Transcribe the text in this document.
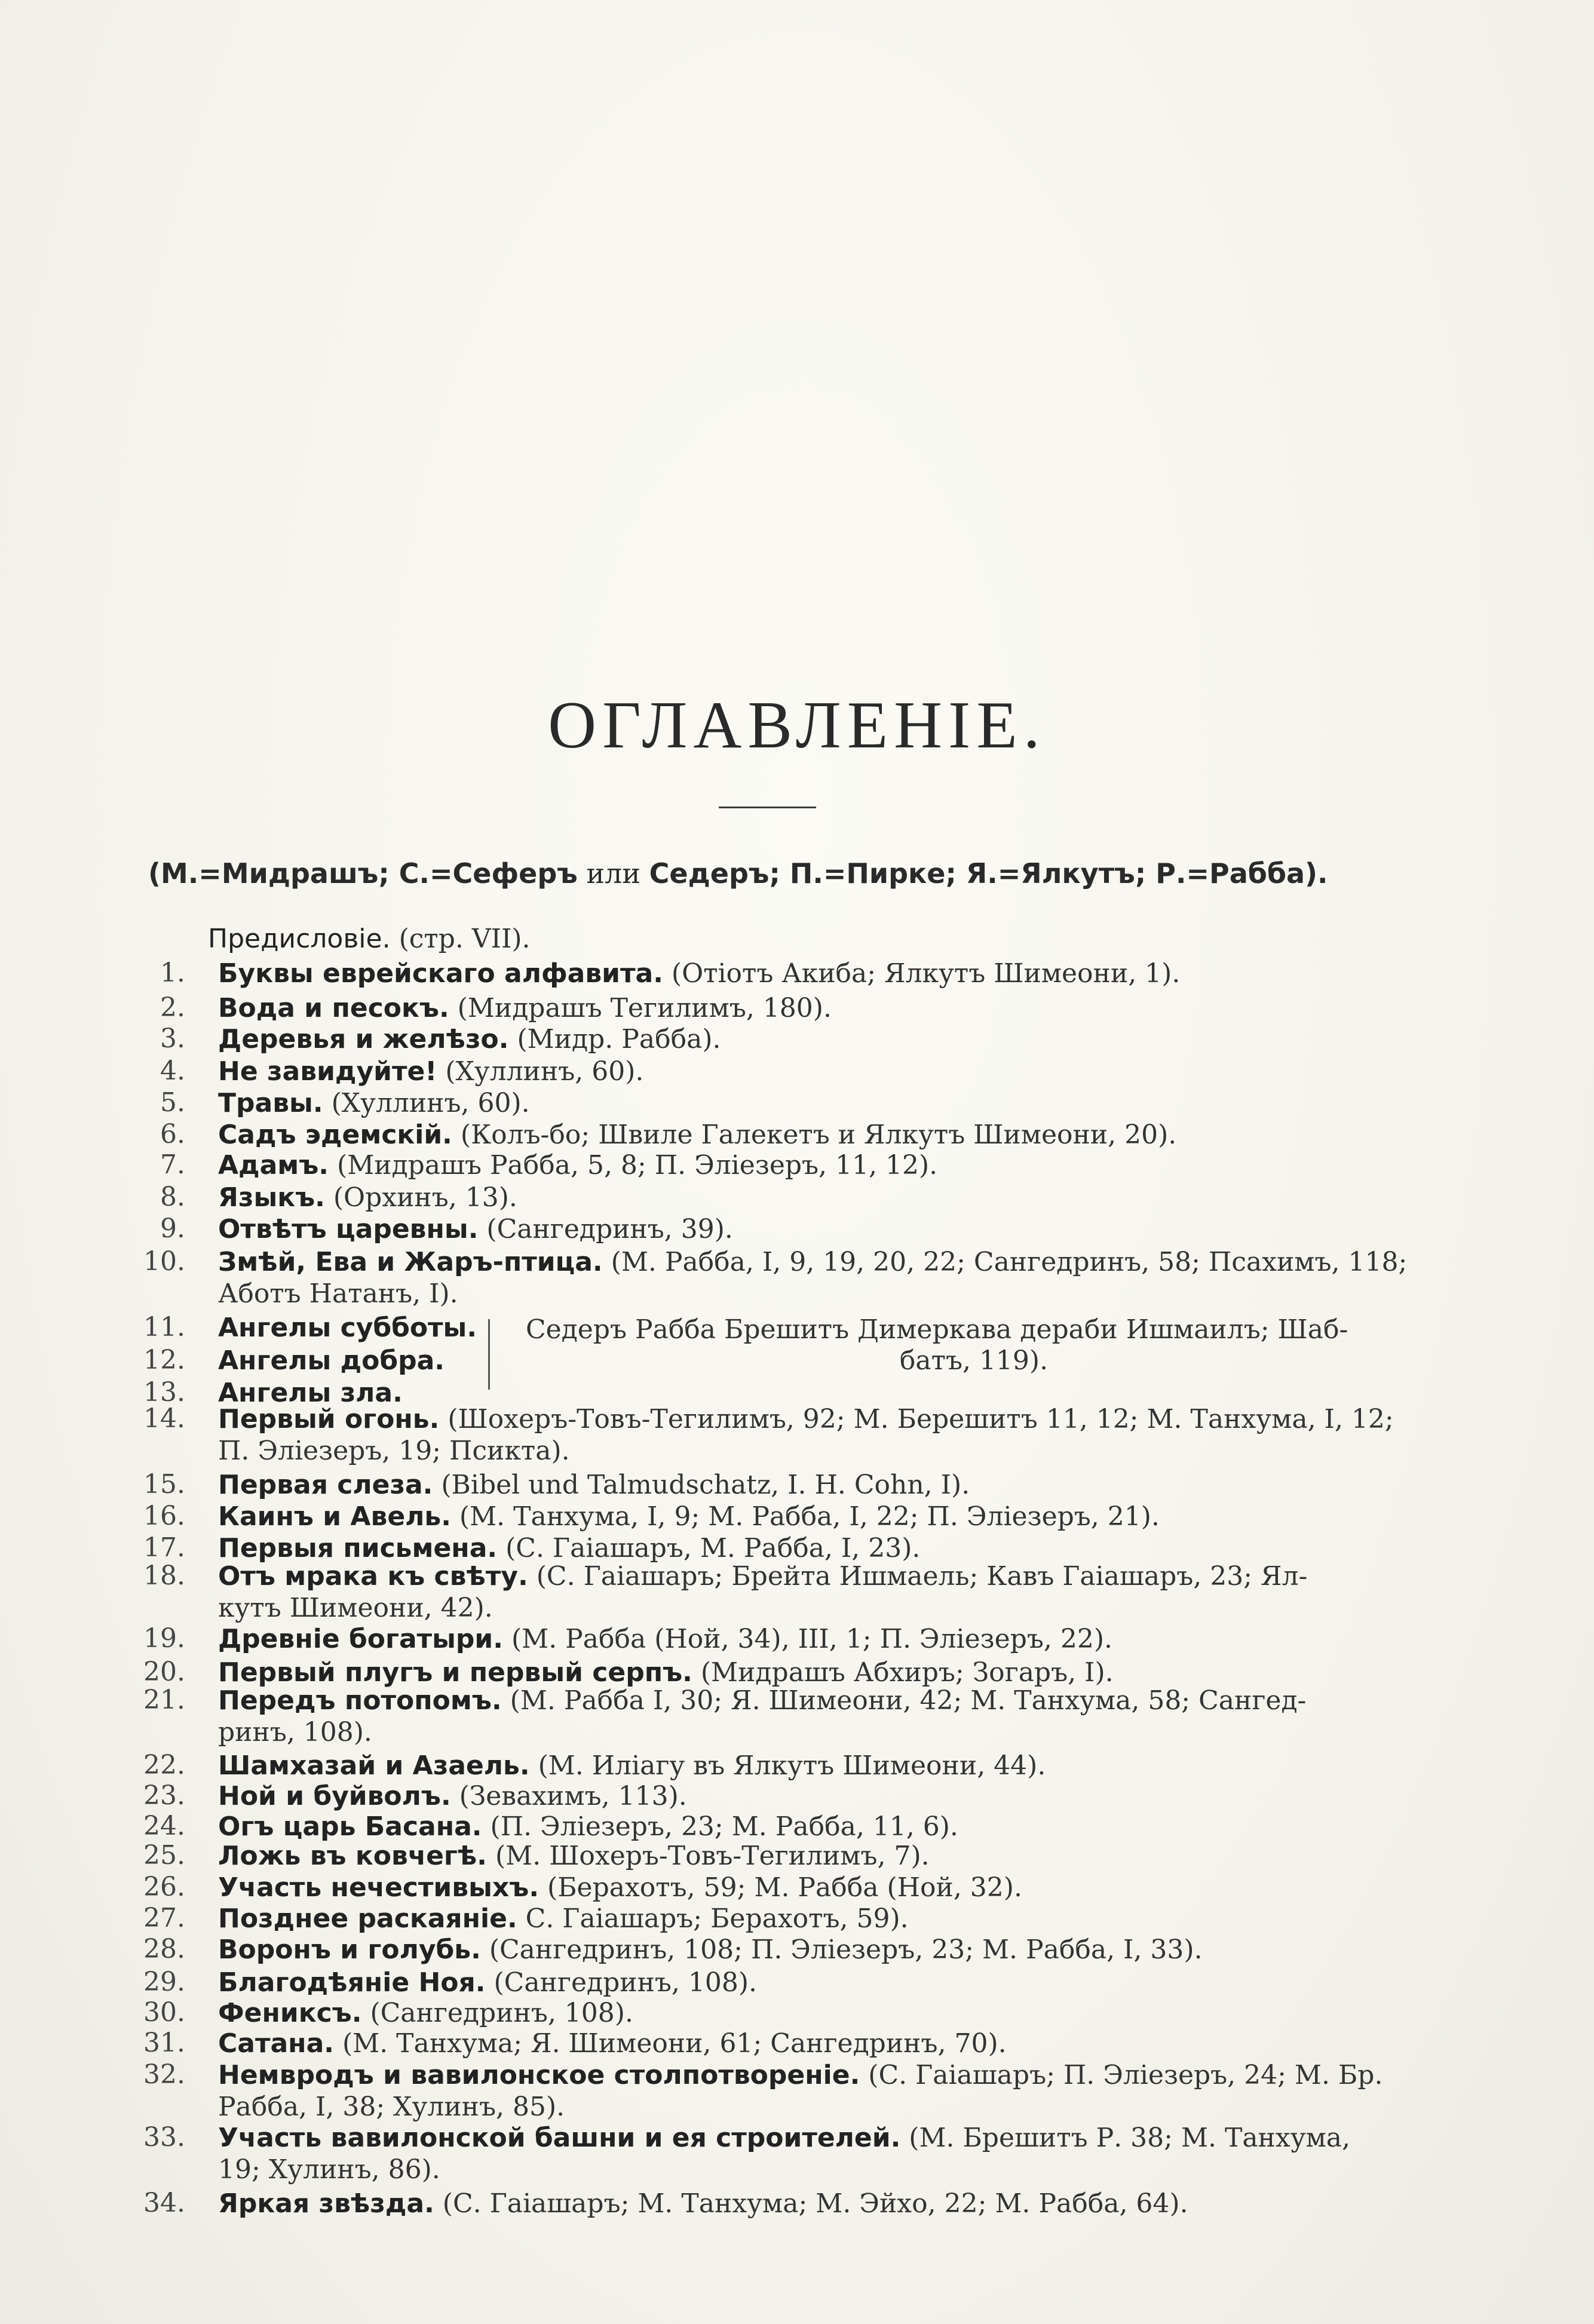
ОГЛАВЛЕНІЕ.
(М.=Мидрашъ; С.=Сеферъ или Седеръ; П.=Пирке; Я.=Ялкутъ; Р.=Рабба).
Предисловіе. (стр. VII).
1. Буквы еврейскаго алфавита. (Отіотъ Акиба; Ялкутъ Шимеони, 1).
2. Вода и песокъ. (Мидрашъ Тегилимъ, 180).
3. Деревья и желѣзо. (Мидр. Рабба).
4. Не завидуйте! (Хуллинъ, 60).
5. Травы. (Хуллинъ, 60).
6. Садъ эдемскій. (Колъ-бо; Швиле Галекетъ и Ялкутъ Шимеони, 20).
7. Адамъ. (Мидрашъ Рабба, 5, 8; П. Эліезеръ, 11, 12).
8. Языкъ. (Орхинъ, 13).
9. Отвѣтъ царевны. (Сангедринъ, 39).
10. Змѣй, Ева и Жаръ-птица. (М. Рабба, I, 9, 19, 20, 22; Сангедринъ, 58; Псахимъ, 118;
Аботъ Натанъ, I).
11. Ангелы субботы.
12. Ангелы добра.
13. Ангелы зла.
14. Первый огонь. (Шохеръ-Товъ-Тегилимъ, 92; М. Берешитъ 11, 12; М. Танхума, I, 12;
П. Эліезеръ, 19; Псикта).
15. Первая слеза. (Bibel und Talmudschatz, I. H. Cohn, I).
16. Каинъ и Авель. (М. Танхума, I, 9; М. Рабба, I, 22; П. Эліезеръ, 21).
17. Первыя письмена. (С. Гаіашаръ, М. Рабба, I, 23).
18. Отъ мрака къ свѣту. (С. Гаіашаръ; Брейта Ишмаель; Кавъ Гаіашаръ, 23; Ял-
кутъ Шимеони, 42).
19. Древніе богатыри. (М. Рабба (Ной, 34), III, 1; П. Эліезеръ, 22).
20. Первый плугъ и первый серпъ. (Мидрашъ Абхиръ; Зогаръ, I).
21. Передъ потопомъ. (М. Рабба I, 30; Я. Шимеони, 42; М. Танхума, 58; Сангед-
ринъ, 108).
22. Шамхазай и Азаель. (М. Иліагу въ Ялкутъ Шимеони, 44).
23. Ной и буйволъ. (Зевахимъ, 113).
24. Огъ царь Басана. (П. Эліезеръ, 23; М. Рабба, 11, 6).
25. Ложь въ ковчегѣ. (М. Шохеръ-Товъ-Тегилимъ, 7).
26. Участь нечестивыхъ. (Берахотъ, 59; М. Рабба (Ной, 32).
27. Позднее раскаяніе. С. Гаіашаръ; Берахотъ, 59).
28. Воронъ и голубь. (Сангедринъ, 108; П. Эліезеръ, 23; М. Рабба, I, 33).
29. Благодѣяніе Ноя. (Сангедринъ, 108).
30. Фениксъ. (Сангедринъ, 108).
31. Сатана. (М. Танхума; Я. Шимеони, 61; Сангедринъ, 70).
32. Немвродъ и вавилонское столпотвореніе. (С. Гаіашаръ; П. Эліезеръ, 24; М. Бр.
Рабба, I, 38; Хулинъ, 85).
33. Участь вавилонской башни и ея строителей. (М. Брешитъ Р. 38; М. Танхума,
19; Хулинъ, 86).
34. Яркая звѣзда. (С. Гаіашаръ; М. Танхума; М. Эйхо, 22; М. Рабба, 64).
Седеръ Рабба Брешитъ Димеркава дераби Ишмаилъ; Шаб-
батъ, 119).
